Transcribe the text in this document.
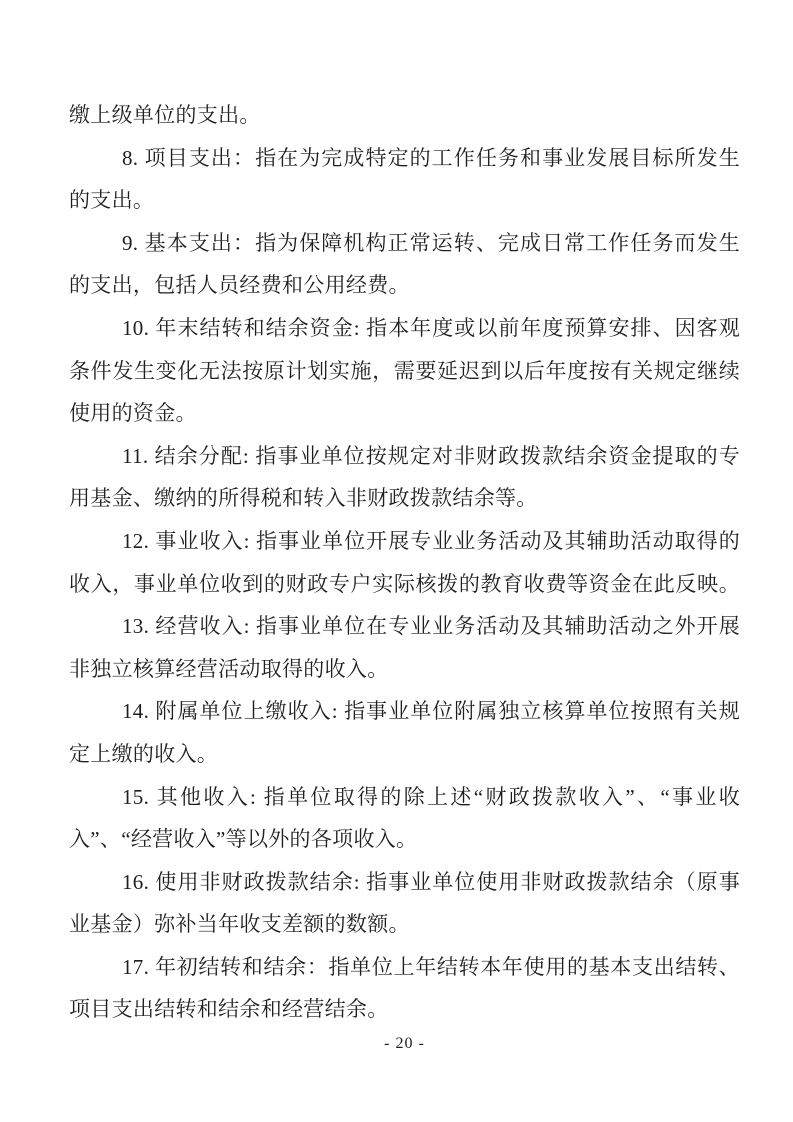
缴上级单位的支出。
8. 项目支出：指在为完成特定的工作任务和事业发展目标所发生
的支出。
9. 基本支出：指为保障机构正常运转、完成日常工作任务而发生
的支出，包括人员经费和公用经费。
10. 年末结转和结余资金: 指本年度或以前年度预算安排、因客观
条件发生变化无法按原计划实施，需要延迟到以后年度按有关规定继续
使用的资金。
11. 结余分配: 指事业单位按规定对非财政拨款结余资金提取的专
用基金、缴纳的所得税和转入非财政拨款结余等。
12. 事业收入: 指事业单位开展专业业务活动及其辅助活动取得的
收入，事业单位收到的财政专户实际核拨的教育收费等资金在此反映。
13. 经营收入: 指事业单位在专业业务活动及其辅助活动之外开展
非独立核算经营活动取得的收入。
14. 附属单位上缴收入: 指事业单位附属独立核算单位按照有关规
定上缴的收入。
15. 其他收入: 指单位取得的除上述“财政拨款收入”、“事业收
入”、“经营收入”等以外的各项收入。
16. 使用非财政拨款结余: 指事业单位使用非财政拨款结余（原事
业基金）弥补当年收支差额的数额。
17. 年初结转和结余：指单位上年结转本年使用的基本支出结转、
项目支出结转和结余和经营结余。
- 20 -
